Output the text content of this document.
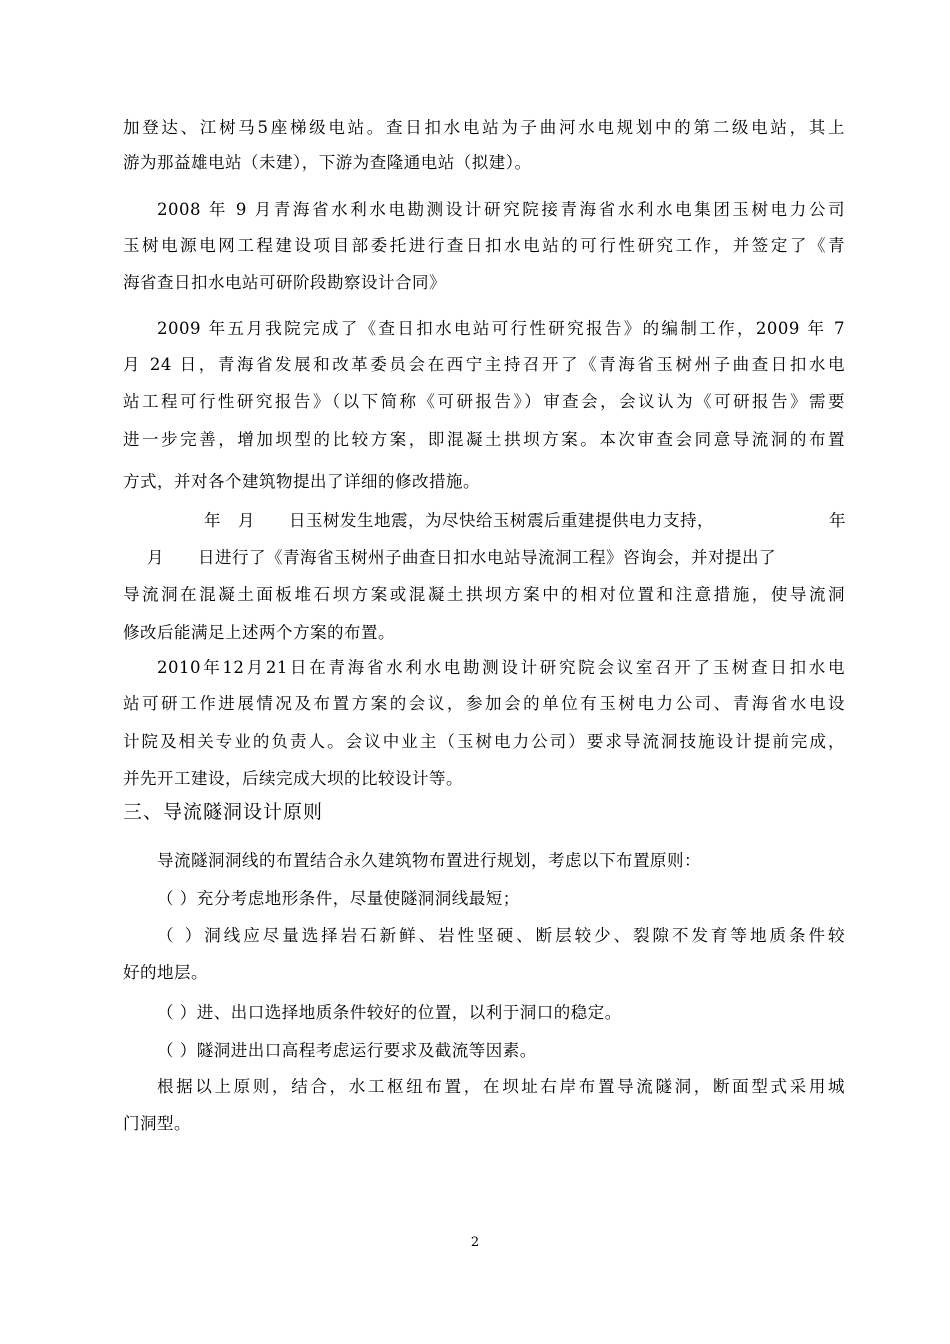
加登达、江树马5座梯级电站。查日扣水电站为子曲河水电规划中的第二级电站，其上
游为那益雄电站（未建），下游为查隆通电站（拟建）。
2008 年 9 月青海省水利水电勘测设计研究院接青海省水利水电集团玉树电力公司
玉树电源电网工程建设项目部委托进行查日扣水电站的可行性研究工作，并签定了《青
海省查日扣水电站可研阶段勘察设计合同》
2009 年五月我院完成了《查日扣水电站可行性研究报告》的编制工作，2009 年 7
月 24 日，青海省发展和改革委员会在西宁主持召开了《青海省玉树州子曲查日扣水电
站工程可行性研究报告》（以下简称《可研报告》）审查会，会议认为《可研报告》需要
进一步完善，增加坝型的比较方案，即混凝土拱坝方案。本次审查会同意导流洞的布置
方式，并对各个建筑物提出了详细的修改措施。
年　月　　日玉树发生地震，为尽快给玉树震后重建提供电力支持，	年
月　　日进行了《青海省玉树州子曲查日扣水电站导流洞工程》咨询会，并对提出了
导流洞在混凝土面板堆石坝方案或混凝土拱坝方案中的相对位置和注意措施，使导流洞
修改后能满足上述两个方案的布置。
2010年12月21日在青海省水利水电勘测设计研究院会议室召开了玉树查日扣水电
站可研工作进展情况及布置方案的会议，参加会的单位有玉树电力公司、青海省水电设
计院及相关专业的负责人。会议中业主（玉树电力公司）要求导流洞技施设计提前完成，
并先开工建设，后续完成大坝的比较设计等。
三、导流隧洞设计原则
导流隧洞洞线的布置结合永久建筑物布置进行规划，考虑以下布置原则：
（ ）充分考虑地形条件，尽量使隧洞洞线最短；
（ ）洞线应尽量选择岩石新鲜、岩性坚硬、断层较少、裂隙不发育等地质条件较
好的地层。
（ ）进、出口选择地质条件较好的位置，以利于洞口的稳定。
（ ）隧洞进出口高程考虑运行要求及截流等因素。
根据以上原则，结合，水工枢纽布置，在坝址右岸布置导流隧洞，断面型式采用城
门洞型。
2
